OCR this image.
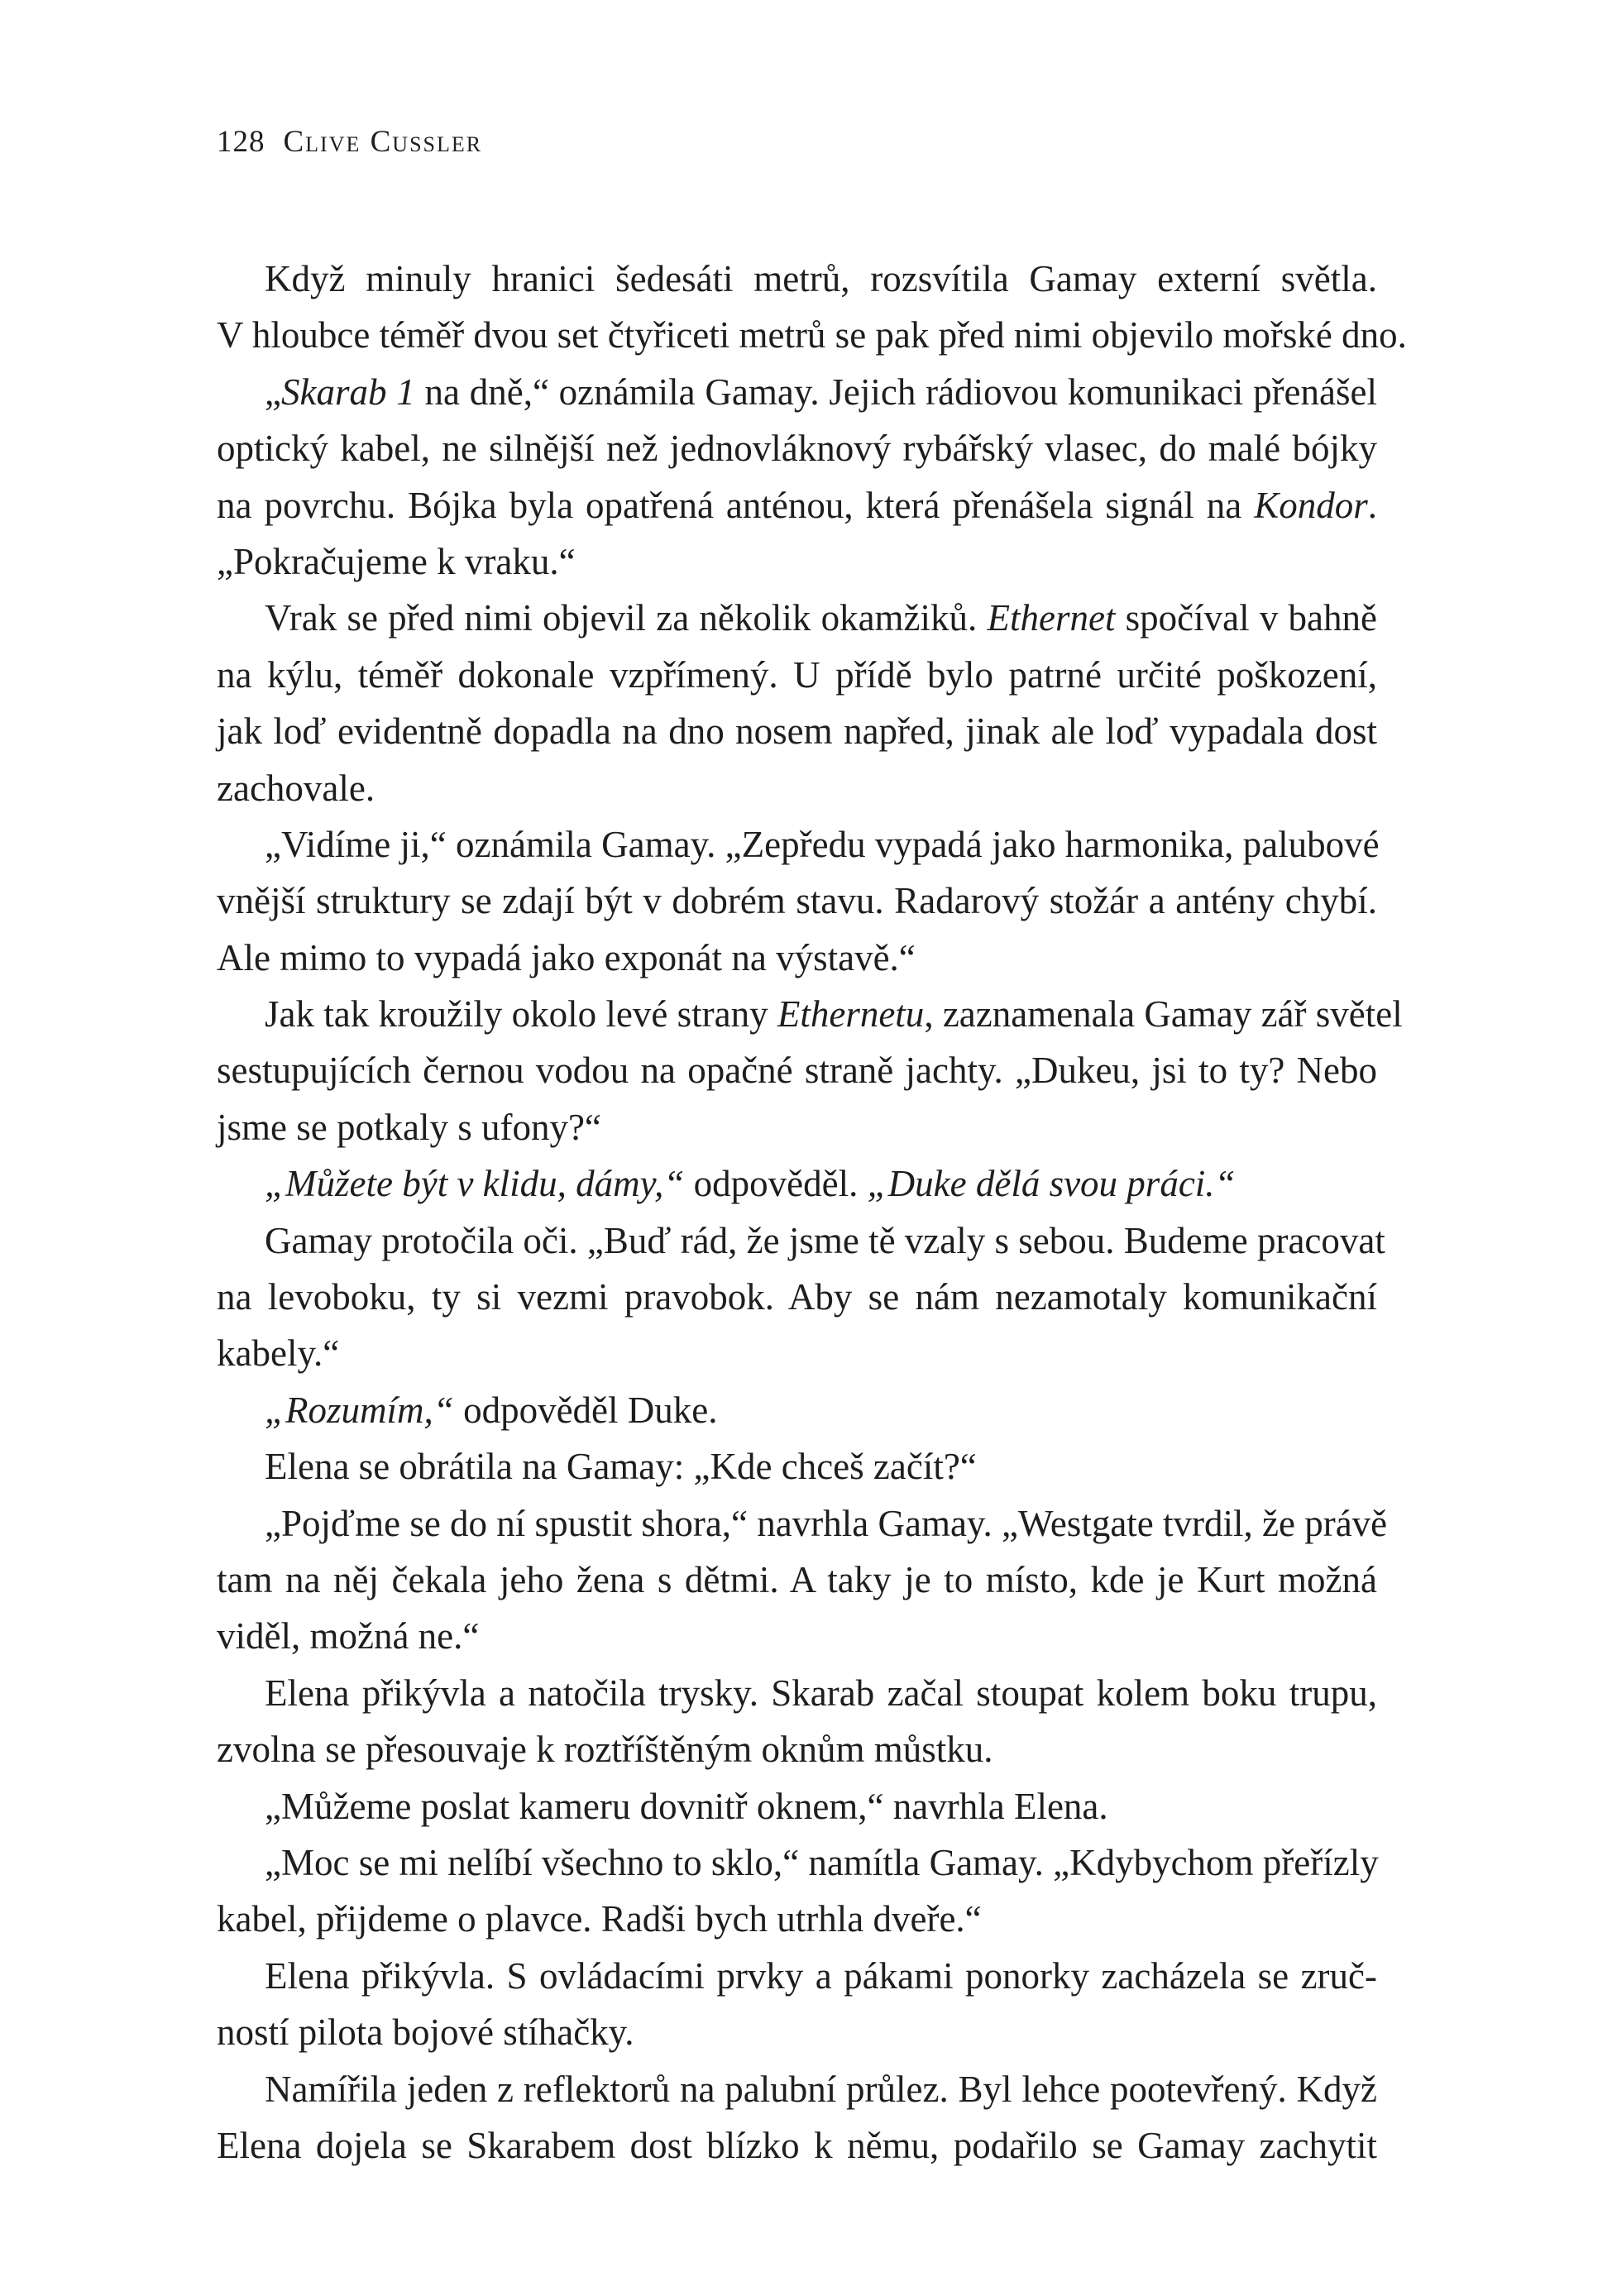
128 Clive Cussler
Když minuly hranici šedesáti metrů, rozsvítila Gamay externí světla.
V hloubce téměř dvou set čtyřiceti metrů se pak před nimi objevilo mořské dno.
„Skarab 1 na dně,“ oznámila Gamay. Jejich rádiovou komunikaci přenášel
optický kabel, ne silnější než jednovláknový rybářský vlasec, do malé bójky
na povrchu. Bójka byla opatřená anténou, která přenášela signál na Kondor.
„Pokračujeme k vraku.“
Vrak se před nimi objevil za několik okamžiků. Ethernet spočíval v bahně
na kýlu, téměř dokonale vzpřímený. U přídě bylo patrné určité poškození,
jak loď evidentně dopadla na dno nosem napřed, jinak ale loď vypadala dost
zachovale.
„Vidíme ji,“ oznámila Gamay. „Zepředu vypadá jako harmonika, palubové
vnější struktury se zdají být v dobrém stavu. Radarový stožár a antény chybí.
Ale mimo to vypadá jako exponát na výstavě.“
Jak tak kroužily okolo levé strany Ethernetu, zaznamenala Gamay zář světel
sestupujících černou vodou na opačné straně jachty. „Dukeu, jsi to ty? Nebo
jsme se potkaly s ufony?“
„Můžete být v klidu, dámy,“ odpověděl. „Duke dělá svou práci.“
Gamay protočila oči. „Buď rád, že jsme tě vzaly s sebou. Budeme pracovat
na levoboku, ty si vezmi pravobok. Aby se nám nezamotaly komunikační
kabely.“
„Rozumím,“ odpověděl Duke.
Elena se obrátila na Gamay: „Kde chceš začít?“
„Pojďme se do ní spustit shora,“ navrhla Gamay. „Westgate tvrdil, že právě
tam na něj čekala jeho žena s dětmi. A taky je to místo, kde je Kurt možná
viděl, možná ne.“
Elena přikývla a natočila trysky. Skarab začal stoupat kolem boku trupu,
zvolna se přesouvaje k roztříštěným oknům můstku.
„Můžeme poslat kameru dovnitř oknem,“ navrhla Elena.
„Moc se mi nelíbí všechno to sklo,“ namítla Gamay. „Kdybychom přeřízly
kabel, přijdeme o plavce. Radši bych utrhla dveře.“
Elena přikývla. S ovládacími prvky a pákami ponorky zacházela se zruč-
ností pilota bojové stíhačky.
Namířila jeden z reflektorů na palubní průlez. Byl lehce pootevřený. Když
Elena dojela se Skarabem dost blízko k němu, podařilo se Gamay zachytit
